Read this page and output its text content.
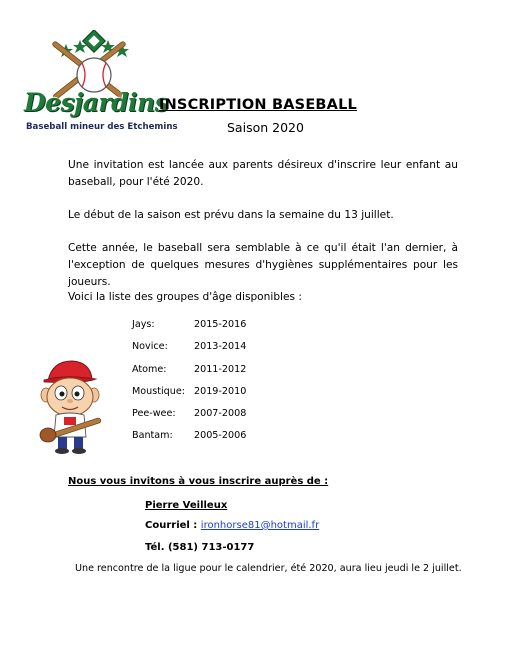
Desjardins
Baseball mineur des Etchemins
INSCRIPTION BASEBALL
Saison 2020
Une invitation est lancée aux parents désireux d'inscrire leur enfant au baseball, pour l'été 2020.
Le début de la saison est prévu dans la semaine du 13 juillet.
Cette année, le baseball sera semblable à ce qu'il était l'an dernier, à l'exception de quelques mesures d'hygiènes supplémentaires pour les joueurs.
Voici la liste des groupes d'âge disponibles :
Jays:	2015-2016
Novice:	2013-2014
Atome:	2011-2012
Moustique: 2019-2010
Pee-wee:	2007-2008
Bantam:	2005-2006
Nous vous invitons à vous inscrire auprès de :
Pierre Veilleux
Courriel : ironhorse81@hotmail.fr
Tél. (581) 713-0177
Une rencontre de la ligue pour le calendrier, été 2020, aura lieu jeudi le 2 juillet.
